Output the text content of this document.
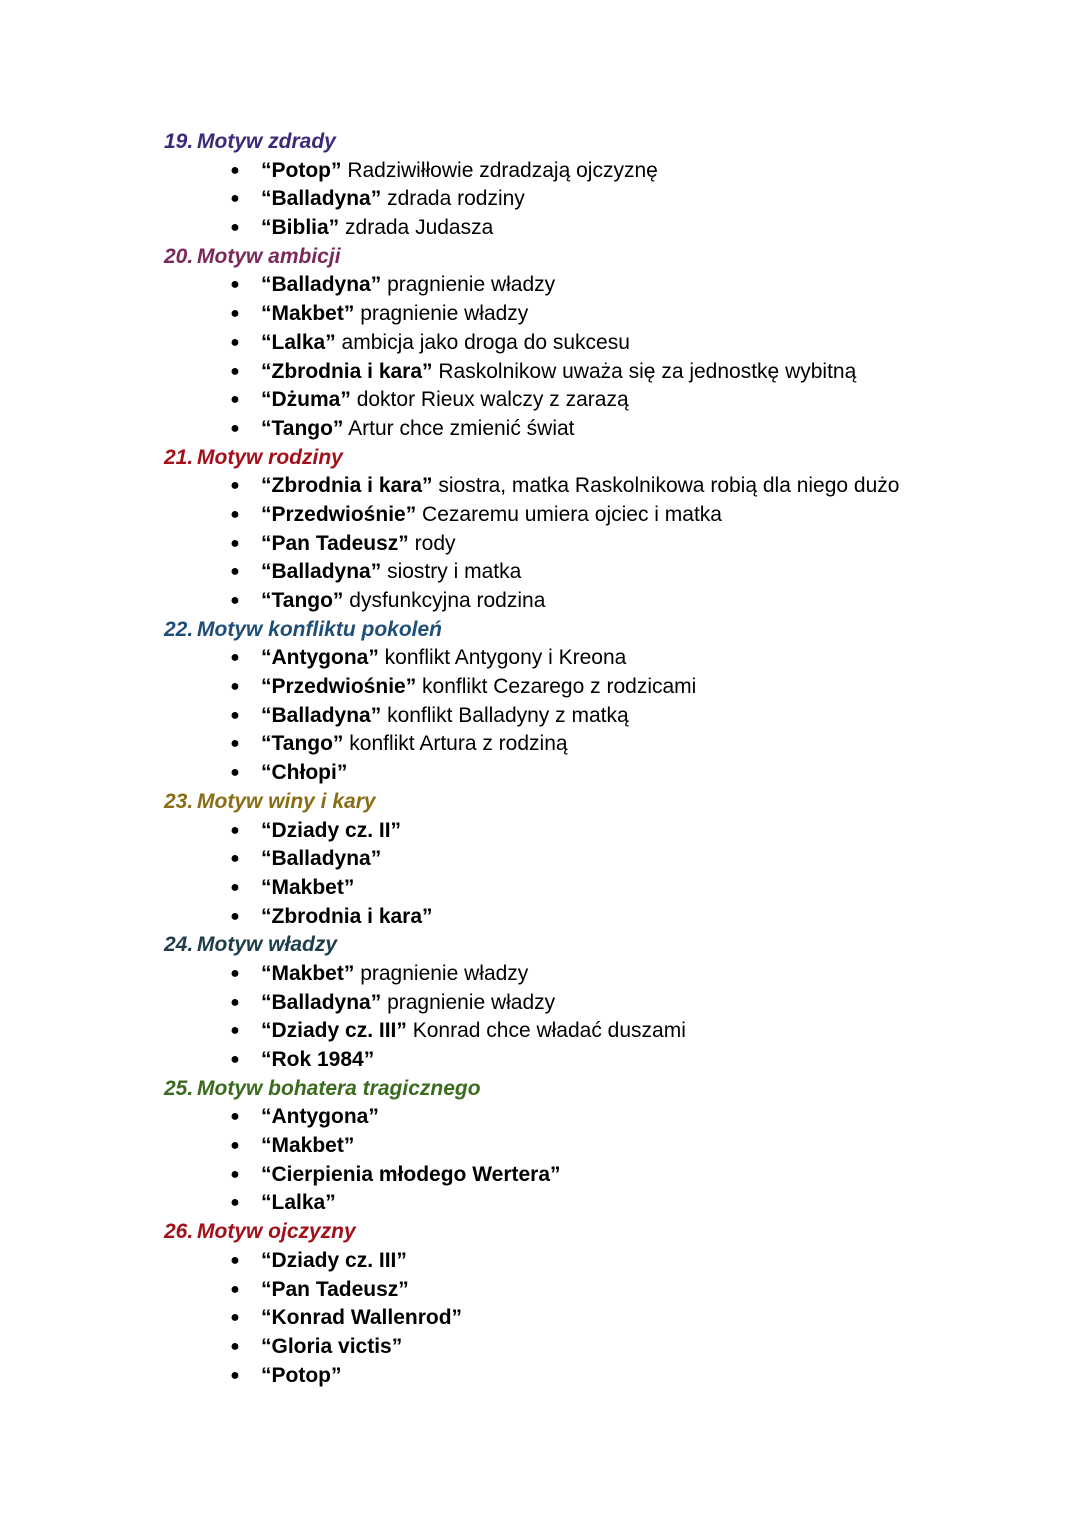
19. Motyw zdrady
● “Potop” Radziwiłłowie zdradzają ojczyznę
● “Balladyna” zdrada rodziny
● “Biblia” zdrada Judasza
20. Motyw ambicji
● “Balladyna” pragnienie władzy
● “Makbet” pragnienie władzy
● “Lalka” ambicja jako droga do sukcesu
● “Zbrodnia i kara” Raskolnikow uważa się za jednostkę wybitną
● “Dżuma” doktor Rieux walczy z zarazą
● “Tango” Artur chce zmienić świat
21. Motyw rodziny
● “Zbrodnia i kara” siostra, matka Raskolnikowa robią dla niego dużo
● “Przedwiośnie” Cezaremu umiera ojciec i matka
● “Pan Tadeusz” rody
● “Balladyna” siostry i matka
● “Tango” dysfunkcyjna rodzina
22. Motyw konfliktu pokoleń
● “Antygona” konflikt Antygony i Kreona
● “Przedwiośnie” konflikt Cezarego z rodzicami
● “Balladyna” konflikt Balladyny z matką
● “Tango” konflikt Artura z rodziną
● “Chłopi”
23. Motyw winy i kary
● “Dziady cz. II”
● “Balladyna”
● “Makbet”
● “Zbrodnia i kara”
24. Motyw władzy
● “Makbet” pragnienie władzy
● “Balladyna” pragnienie władzy
● “Dziady cz. III” Konrad chce władać duszami
● “Rok 1984”
25. Motyw bohatera tragicznego
● “Antygona”
● “Makbet”
● “Cierpienia młodego Wertera”
● “Lalka”
26. Motyw ojczyzny
● “Dziady cz. III”
● “Pan Tadeusz”
● “Konrad Wallenrod”
● “Gloria victis”
● “Potop”
